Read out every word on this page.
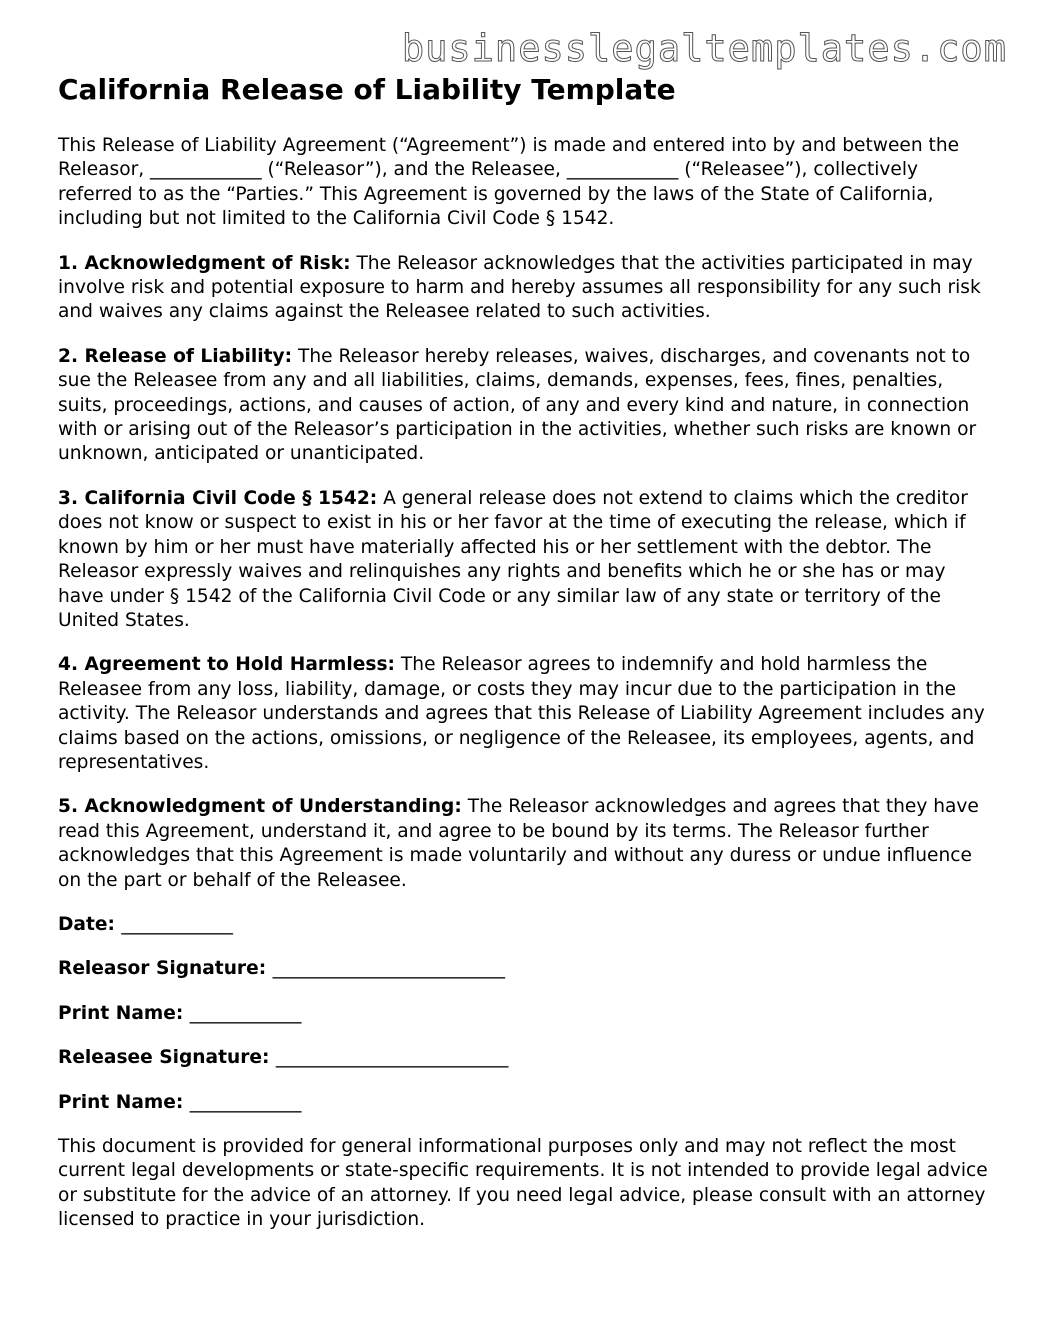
businesslegaltemplates.com
California Release of Liability Template

This Release of Liability Agreement (“Agreement”) is made and entered into by and between the Releasor, ____________ (“Releasor”), and the Releasee, ____________ (“Releasee”), collectively referred to as the “Parties.” This Agreement is governed by the laws of the State of California, including but not limited to the California Civil Code § 1542.

1. Acknowledgment of Risk: The Releasor acknowledges that the activities participated in may involve risk and potential exposure to harm and hereby assumes all responsibility for any such risk and waives any claims against the Releasee related to such activities.

2. Release of Liability: The Releasor hereby releases, waives, discharges, and covenants not to sue the Releasee from any and all liabilities, claims, demands, expenses, fees, fines, penalties, suits, proceedings, actions, and causes of action, of any and every kind and nature, in connection with or arising out of the Releasor’s participation in the activities, whether such risks are known or unknown, anticipated or unanticipated.

3. California Civil Code § 1542: A general release does not extend to claims which the creditor does not know or suspect to exist in his or her favor at the time of executing the release, which if known by him or her must have materially affected his or her settlement with the debtor. The Releasor expressly waives and relinquishes any rights and benefits which he or she has or may have under § 1542 of the California Civil Code or any similar law of any state or territory of the United States.

4. Agreement to Hold Harmless: The Releasor agrees to indemnify and hold harmless the Releasee from any loss, liability, damage, or costs they may incur due to the participation in the activity. The Releasor understands and agrees that this Release of Liability Agreement includes any claims based on the actions, omissions, or negligence of the Releasee, its employees, agents, and representatives.

5. Acknowledgment of Understanding: The Releasor acknowledges and agrees that they have read this Agreement, understand it, and agree to be bound by its terms. The Releasor further acknowledges that this Agreement is made voluntarily and without any duress or undue influence on the part or behalf of the Releasee.

Date: ____________

Releasor Signature: _________________________

Print Name: ____________

Releasee Signature: _________________________

Print Name: ____________

This document is provided for general informational purposes only and may not reflect the most current legal developments or state-specific requirements. It is not intended to provide legal advice or substitute for the advice of an attorney. If you need legal advice, please consult with an attorney licensed to practice in your jurisdiction.
